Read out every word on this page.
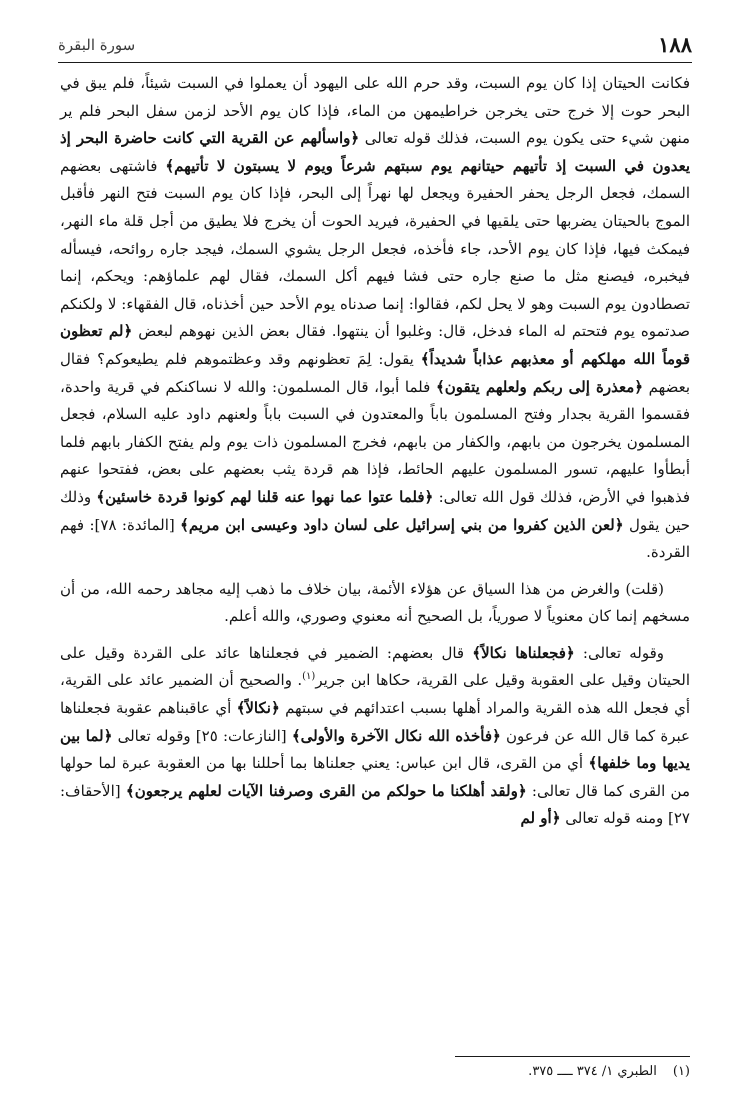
١٨٨
سورة البقرة

فكانت الحيتان إذا كان يوم السبت، وقد حرم الله على اليهود أن يعملوا في السبت شيئاً، فلم يبق في البحر حوت إلا خرج حتى يخرجن خراطيمهن من الماء، فإذا كان يوم الأحد لزمن سفل البحر فلم ير منهن شيء حتى يكون يوم السبت، فذلك قوله تعالى ﴿واسألهم عن القرية التي كانت حاضرة البحر إذ يعدون في السبت إذ تأتيهم حيتانهم يوم سبتهم شرعاً ويوم لا يسبتون لا تأتيهم﴾ فاشتهى بعضهم السمك، فجعل الرجل يحفر الحفيرة ويجعل لها نهراً إلى البحر، فإذا كان يوم السبت فتح النهر فأقبل الموج بالحيتان يضربها حتى يلقيها في الحفيرة، فيريد الحوت أن يخرج فلا يطيق من أجل قلة ماء النهر، فيمكث فيها، فإذا كان يوم الأحد، جاء فأخذه، فجعل الرجل يشوي السمك، فيجد جاره روائحه، فيسأله فيخبره، فيصنع مثل ما صنع جاره حتى فشا فيهم أكل السمك، فقال لهم علماؤهم: ويحكم، إنما تصطادون يوم السبت وهو لا يحل لكم، فقالوا: إنما صدناه يوم الأحد حين أخذناه، قال الفقهاء: لا ولكنكم صدتموه يوم فتحتم له الماء فدخل، قال: وغلبوا أن ينتهوا. فقال بعض الذين نهوهم لبعض ﴿لم تعظون قوماً الله مهلكهم أو معذبهم عذاباً شديداً﴾ يقول: لِمَ تعظونهم وقد وعظتموهم فلم يطيعوكم؟ فقال بعضهم ﴿معذرة إلى ربكم ولعلهم يتقون﴾ فلما أبوا، قال المسلمون: والله لا نساكنكم في قرية واحدة، فقسموا القرية بجدار وفتح المسلمون باباً والمعتدون في السبت باباً ولعنهم داود عليه السلام، فجعل المسلمون يخرجون من بابهم، والكفار من بابهم، فخرج المسلمون ذات يوم ولم يفتح الكفار بابهم فلما أبطأوا عليهم، تسور المسلمون عليهم الحائط، فإذا هم قردة يثب بعضهم على بعض، ففتحوا عنهم فذهبوا في الأرض، فذلك قول الله تعالى: ﴿فلما عتوا عما نهوا عنه قلنا لهم كونوا قردة خاسئين﴾ وذلك حين يقول ﴿لعن الذين كفروا من بني إسرائيل على لسان داود وعيسى ابن مريم﴾ [المائدة: ٧٨]: فهم القردة.

(قلت) والغرض من هذا السياق عن هؤلاء الأئمة، بيان خلاف ما ذهب إليه مجاهد رحمه الله، من أن مسخهم إنما كان معنوياً لا صورياً، بل الصحيح أنه معنوي وصوري، والله أعلم.

وقوله تعالى: ﴿فجعلناها نكالاً﴾ قال بعضهم: الضمير في فجعلناها عائد على القردة وقيل على الحيتان وقيل على العقوبة وقيل على القرية، حكاها ابن جرير$^{(١)}$. والصحيح أن الضمير عائد على القرية، أي فجعل الله هذه القرية والمراد أهلها بسبب اعتدائهم في سبتهم ﴿نكالاً﴾ أي عاقبناهم عقوبة فجعلناها عبرة كما قال الله عن فرعون ﴿فأخذه الله نكال الآخرة والأولى﴾ [النازعات: ٢٥] وقوله تعالى ﴿لما بين يديها وما خلفها﴾ أي من القرى، قال ابن عباس: يعني جعلناها بما أحللنا بها من العقوبة عبرة لما حولها من القرى كما قال تعالى: ﴿ولقد أهلكنا ما حولكم من القرى وصرفنا الآيات لعلهم يرجعون﴾ [الأحقاف: ٢٧] ومنه قوله تعالى ﴿أو لم

(١)الطبري ١/ ٣٧٤ ــــ ٣٧٥.
